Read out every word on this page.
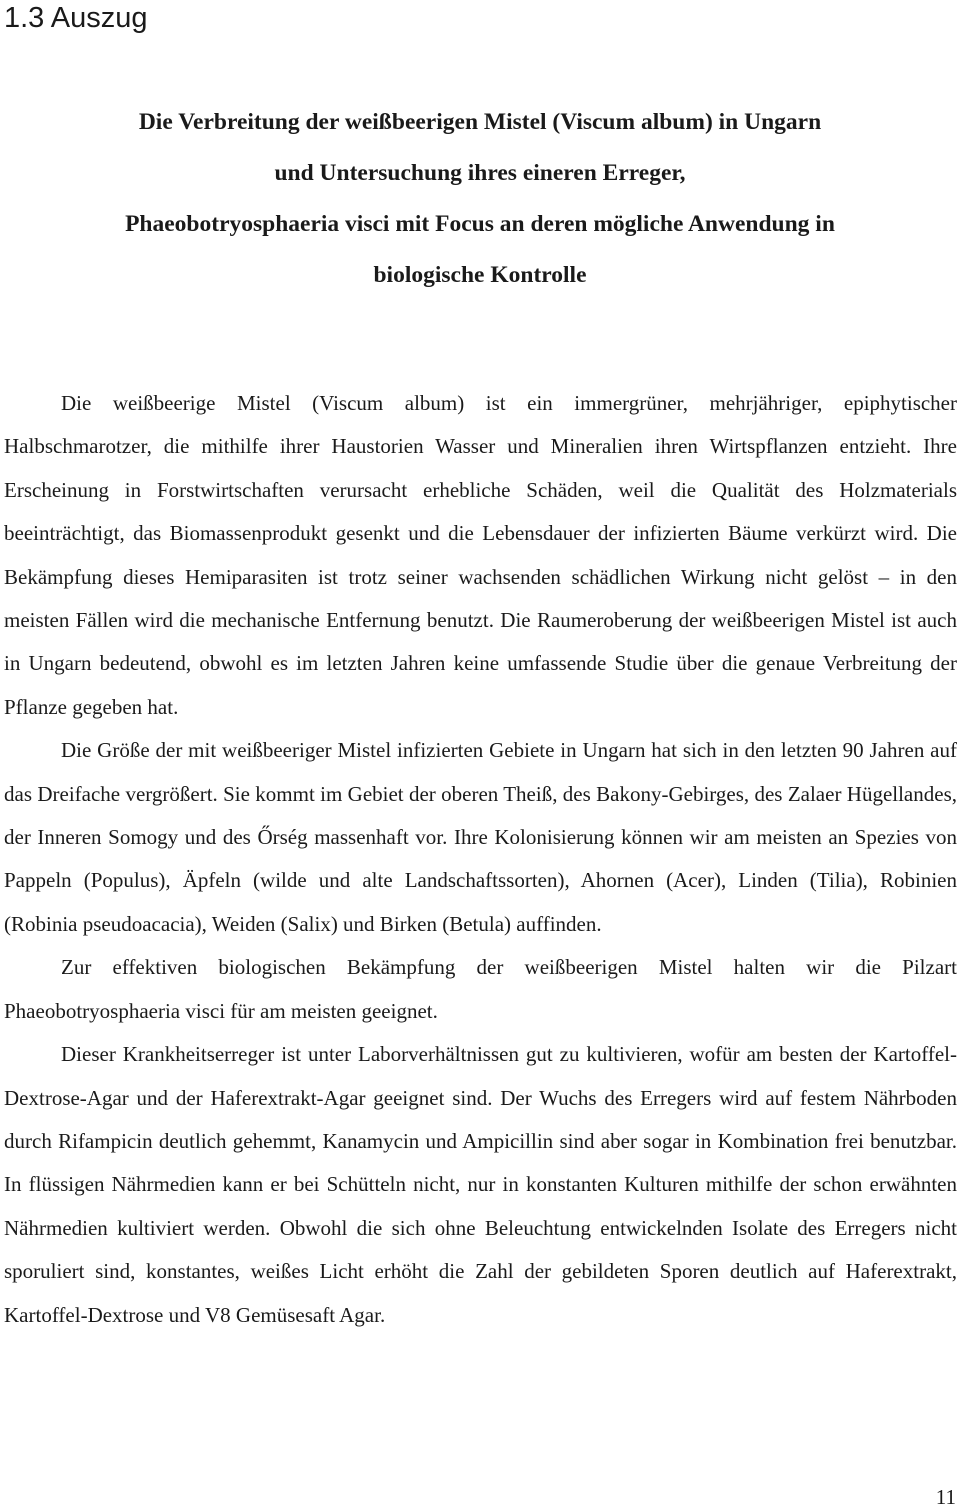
1.3 Auszug
Die Verbreitung der weißbeerigen Mistel (Viscum album) in Ungarn
und Untersuchung ihres eineren Erreger,
Phaeobotryosphaeria visci mit Focus an deren mögliche Anwendung in
biologische Kontrolle

Die weißbeerige Mistel (Viscum album) ist ein immergrüner, mehrjähriger, epiphytischer Halbschmarotzer, die mithilfe ihrer Haustorien Wasser und Mineralien ihren Wirtspflanzen entzieht. Ihre Erscheinung in Forstwirtschaften verursacht erhebliche Schäden, weil die Qualität des Holzmaterials beeinträchtigt, das Biomassenprodukt gesenkt und die Lebensdauer der infizierten Bäume verkürzt wird. Die Bekämpfung dieses Hemiparasiten ist trotz seiner wachsenden schädlichen Wirkung nicht gelöst – in den meisten Fällen wird die mechanische Entfernung benutzt. Die Raumeroberung der weißbeerigen Mistel ist auch in Ungarn bedeutend, obwohl es im letzten Jahren keine umfassende Studie über die genaue Verbreitung der Pflanze gegeben hat.

Die Größe der mit weißbeeriger Mistel infizierten Gebiete in Ungarn hat sich in den letzten 90 Jahren auf das Dreifache vergrößert. Sie kommt im Gebiet der oberen Theiß, des Bakony-Gebirges, des Zalaer Hügellandes, der Inneren Somogy und des Őrség massenhaft vor. Ihre Kolonisierung können wir am meisten an Spezies von Pappeln (Populus), Äpfeln (wilde und alte Landschaftssorten), Ahornen (Acer), Linden (Tilia), Robinien (Robinia pseudoacacia), Weiden (Salix) und Birken (Betula) auffinden.

Zur effektiven biologischen Bekämpfung der weißbeerigen Mistel halten wir die Pilzart Phaeobotryosphaeria visci für am meisten geeignet.

Dieser Krankheitserreger ist unter Laborverhältnissen gut zu kultivieren, wofür am besten der Kartoffel-Dextrose-Agar und der Haferextrakt-Agar geeignet sind. Der Wuchs des Erregers wird auf festem Nährboden durch Rifampicin deutlich gehemmt, Kanamycin und Ampicillin sind aber sogar in Kombination frei benutzbar. In flüssigen Nährmedien kann er bei Schütteln nicht, nur in konstanten Kulturen mithilfe der schon erwähnten Nährmedien kultiviert werden. Obwohl die sich ohne Beleuchtung entwickelnden Isolate des Erregers nicht sporuliert sind, konstantes, weißes Licht erhöht die Zahl der gebildeten Sporen deutlich auf Haferextrakt, Kartoffel-Dextrose und V8 Gemüsesaft Agar.

11
